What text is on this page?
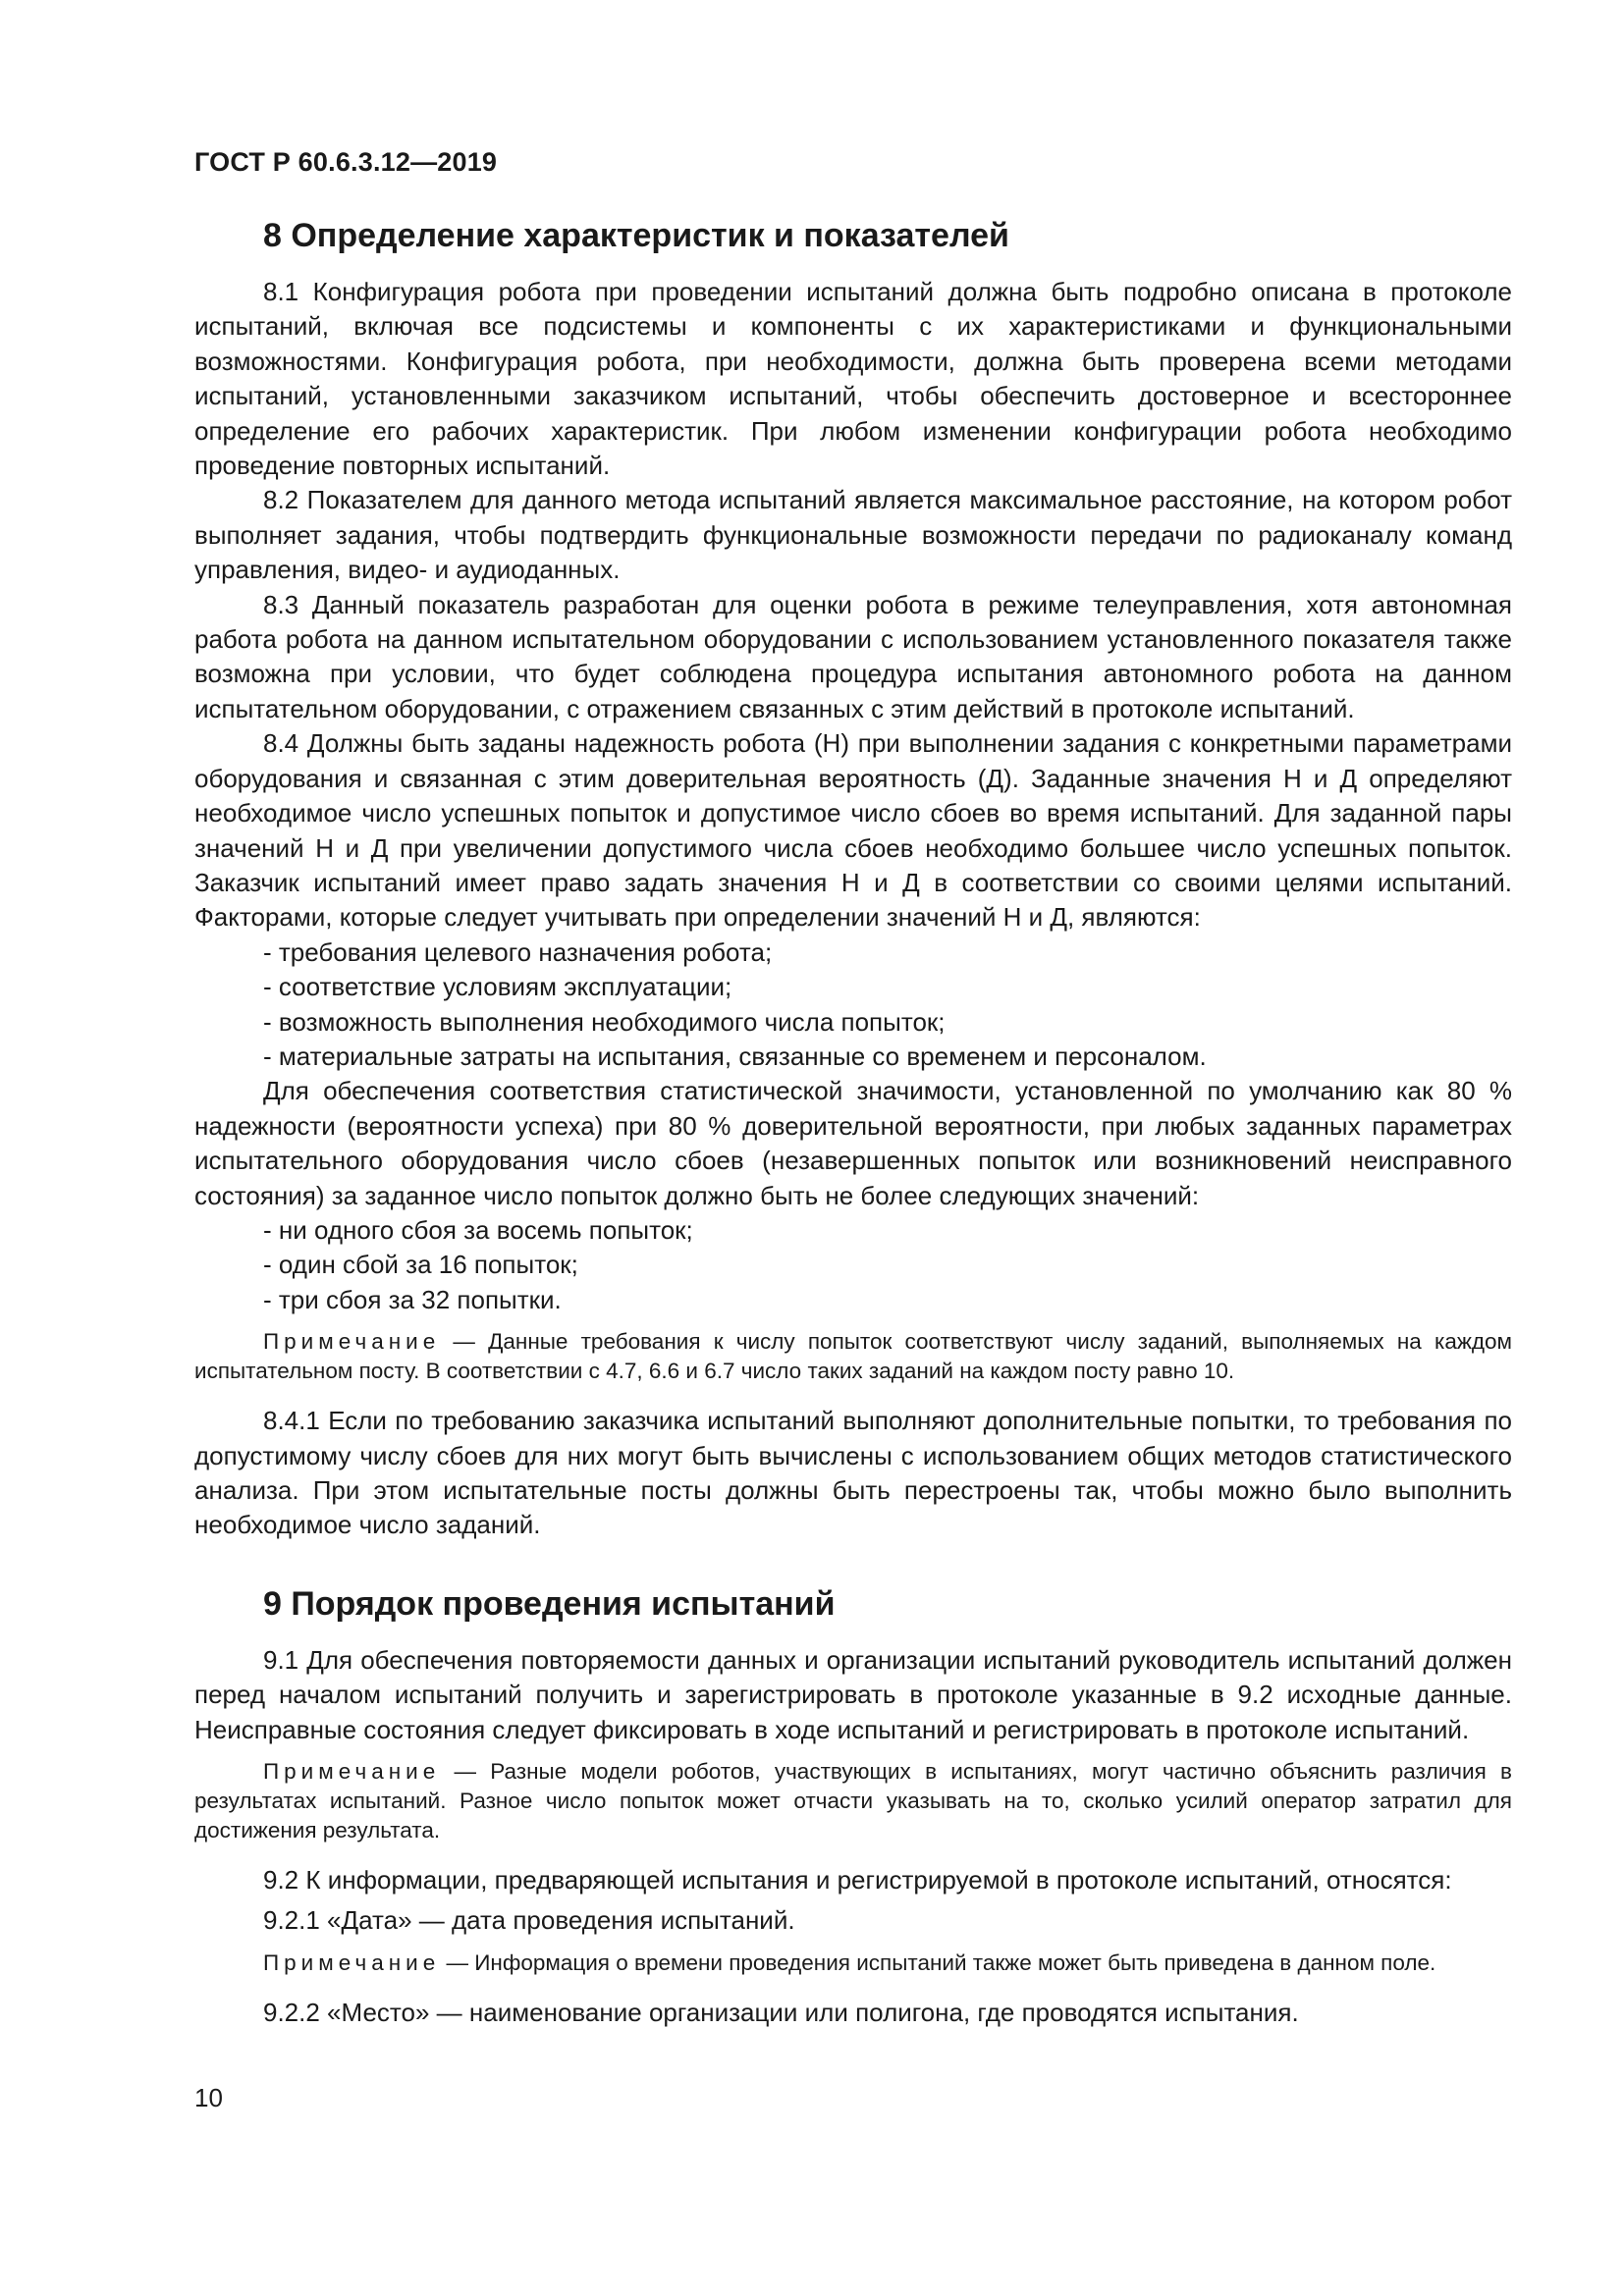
ГОСТ Р 60.6.3.12—2019
8 Определение характеристик и показателей

8.1 Конфигурация робота при проведении испытаний должна быть подробно описана в протоколе испытаний, включая все подсистемы и компоненты с их характеристиками и функциональными возможностями. Конфигурация робота, при необходимости, должна быть проверена всеми методами испытаний, установленными заказчиком испытаний, чтобы обеспечить достоверное и всестороннее определение его рабочих характеристик. При любом изменении конфигурации робота необходимо проведение повторных испытаний.

8.2 Показателем для данного метода испытаний является максимальное расстояние, на котором робот выполняет задания, чтобы подтвердить функциональные возможности передачи по радиоканалу команд управления, видео- и аудиоданных.

8.3 Данный показатель разработан для оценки робота в режиме телеуправления, хотя автономная работа робота на данном испытательном оборудовании с использованием установленного показателя также возможна при условии, что будет соблюдена процедура испытания автономного робота на данном испытательном оборудовании, с отражением связанных с этим действий в протоколе испытаний.

8.4 Должны быть заданы надежность робота (Н) при выполнении задания с конкретными параметрами оборудования и связанная с этим доверительная вероятность (Д). Заданные значения Н и Д определяют необходимое число успешных попыток и допустимое число сбоев во время испытаний. Для заданной пары значений Н и Д при увеличении допустимого числа сбоев необходимо большее число успешных попыток. Заказчик испытаний имеет право задать значения Н и Д в соответствии со своими целями испытаний. Факторами, которые следует учитывать при определении значений Н и Д, являются:

- требования целевого назначения робота;
- соответствие условиям эксплуатации;
- возможность выполнения необходимого числа попыток;
- материальные затраты на испытания, связанные со временем и персоналом.

Для обеспечения соответствия статистической значимости, установленной по умолчанию как 80 % надежности (вероятности успеха) при 80 % доверительной вероятности, при любых заданных параметрах испытательного оборудования число сбоев (незавершенных попыток или возникновений неисправного состояния) за заданное число попыток должно быть не более следующих значений:

- ни одного сбоя за восемь попыток;
- один сбой за 16 попыток;
- три сбоя за 32 попытки.

Примечание — Данные требования к числу попыток соответствуют числу заданий, выполняемых на каждом испытательном посту. В соответствии с 4.7, 6.6 и 6.7 число таких заданий на каждом посту равно 10.

8.4.1 Если по требованию заказчика испытаний выполняют дополнительные попытки, то требования по допустимому числу сбоев для них могут быть вычислены с использованием общих методов статистического анализа. При этом испытательные посты должны быть перестроены так, чтобы можно было выполнить необходимое число заданий.

9 Порядок проведения испытаний

9.1 Для обеспечения повторяемости данных и организации испытаний руководитель испытаний должен перед началом испытаний получить и зарегистрировать в протоколе указанные в 9.2 исходные данные. Неисправные состояния следует фиксировать в ходе испытаний и регистрировать в протоколе испытаний.

Примечание — Разные модели роботов, участвующих в испытаниях, могут частично объяснить различия в результатах испытаний. Разное число попыток может отчасти указывать на то, сколько усилий оператор затратил для достижения результата.

9.2 К информации, предваряющей испытания и регистрируемой в протоколе испытаний, относятся:

9.2.1 «Дата» — дата проведения испытаний.

Примечание — Информация о времени проведения испытаний также может быть приведена в данном поле.

9.2.2 «Место» — наименование организации или полигона, где проводятся испытания.

10
